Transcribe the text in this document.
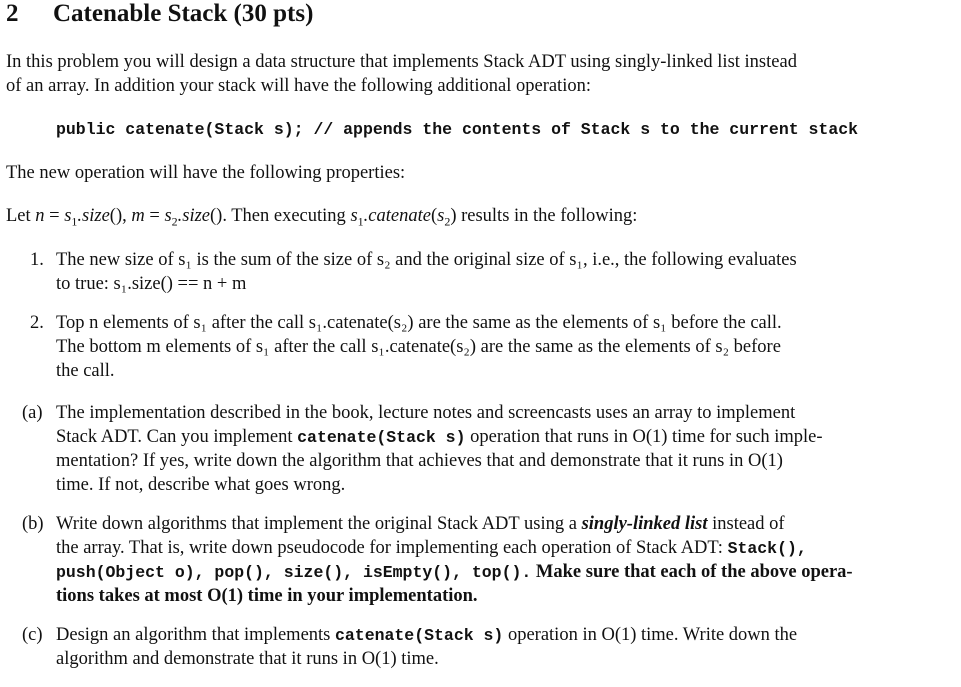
2 Catenable Stack (30 pts)
In this problem you will design a data structure that implements Stack ADT using singly-linked list instead
of an array. In addition your stack will have the following additional operation:
public catenate(Stack s); // appends the contents of Stack s to the current stack
The new operation will have the following properties:
Let $n = s_1.size()$, $m = s_2.size()$. Then executing $s_1.catenate(s_2)$ results in the following:
1. The new size of s₁ is the sum of the size of s₂ and the original size of s₁, i.e., the following evaluates
to true: s₁.size() == n + m
2. Top n elements of s₁ after the call s₁.catenate(s₂) are the same as the elements of s₁ before the call.
The bottom m elements of s₁ after the call s₁.catenate(s₂) are the same as the elements of s₂ before
the call.
(a) The implementation described in the book, lecture notes and screencasts uses an array to implement
Stack ADT. Can you implement catenate(Stack s) operation that runs in O(1) time for such imple-
mentation? If yes, write down the algorithm that achieves that and demonstrate that it runs in O(1)
time. If not, describe what goes wrong.
(b) Write down algorithms that implement the original Stack ADT using a singly-linked list instead of
the array. That is, write down pseudocode for implementing each operation of Stack ADT: Stack(),
push(Object o), pop(), size(), isEmpty(), top(). Make sure that each of the above opera-
tions takes at most O(1) time in your implementation.
(c) Design an algorithm that implements catenate(Stack s) operation in O(1) time. Write down the
algorithm and demonstrate that it runs in O(1) time.
